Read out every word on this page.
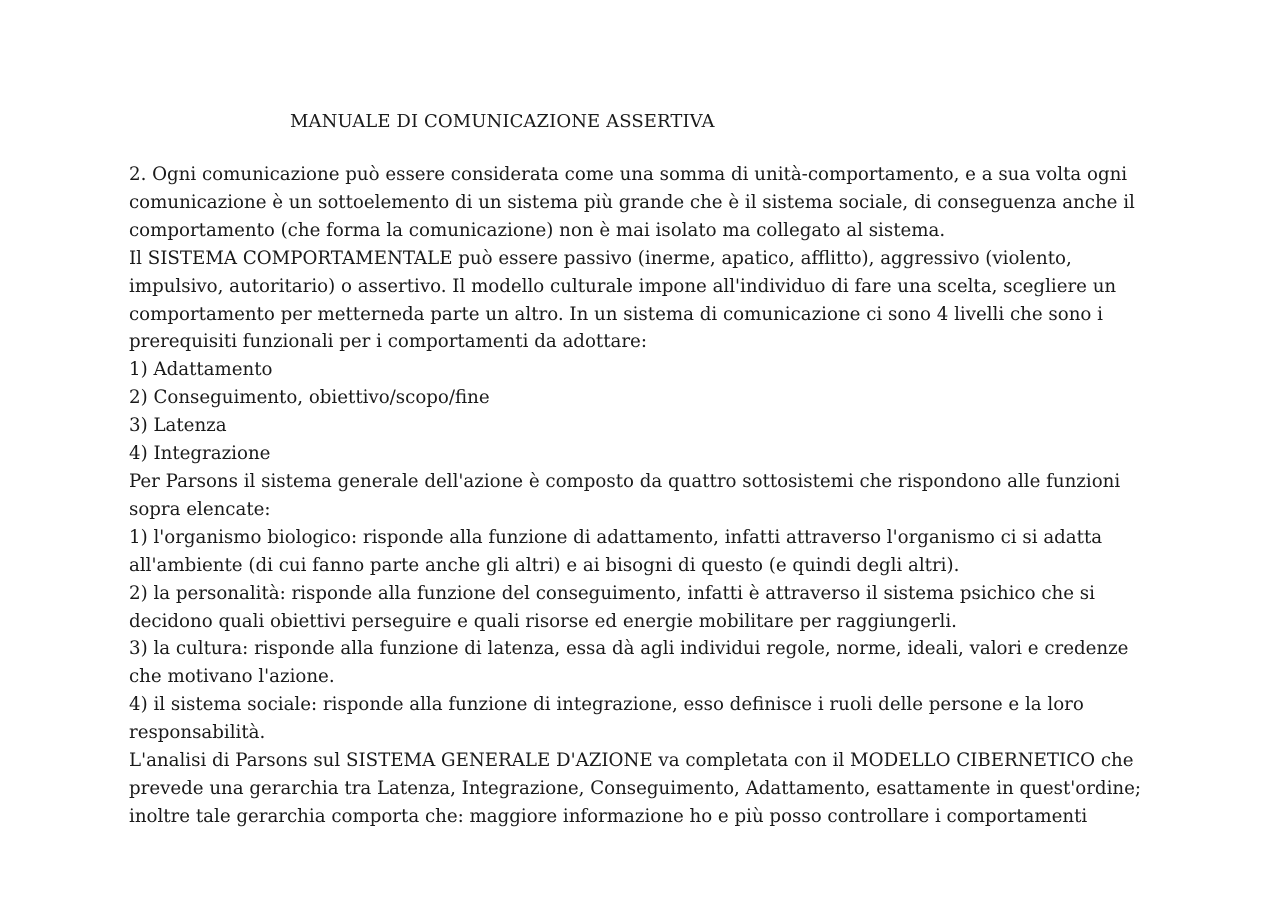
MANUALE DI COMUNICAZIONE ASSERTIVA

2. Ogni comunicazione può essere considerata come una somma di unità-comportamento, e a sua volta ogni comunicazione è un sottoelemento di un sistema più grande che è il sistema sociale, di conseguenza anche il comportamento (che forma la comunicazione) non è mai isolato ma collegato al sistema.

Il SISTEMA COMPORTAMENTALE può essere passivo (inerme, apatico, afflitto), aggressivo (violento, impulsivo, autoritario) o assertivo. Il modello culturale impone all'individuo di fare una scelta, scegliere un comportamento per metterneda parte un altro. In un sistema di comunicazione ci sono 4 livelli che sono i prerequisiti funzionali per i comportamenti da adottare:

1) Adattamento

2) Conseguimento, obiettivo/scopo/fine

3) Latenza

4) Integrazione

Per Parsons il sistema generale dell'azione è composto da quattro sottosistemi che rispondono alle funzioni sopra elencate:

1) l'organismo biologico: risponde alla funzione di adattamento, infatti attraverso l'organismo ci si adatta all'ambiente (di cui fanno parte anche gli altri) e ai bisogni di questo (e quindi degli altri).

2) la personalità: risponde alla funzione del conseguimento, infatti è attraverso il sistema psichico che si decidono quali obiettivi perseguire e quali risorse ed energie mobilitare per raggiungerli.

3) la cultura: risponde alla funzione di latenza, essa dà agli individui regole, norme, ideali, valori e credenze che motivano l'azione.

4) il sistema sociale: risponde alla funzione di integrazione, esso definisce i ruoli delle persone e la loro responsabilità.

L'analisi di Parsons sul SISTEMA GENERALE D'AZIONE va completata con il MODELLO CIBERNETICO che prevede una gerarchia tra Latenza, Integrazione, Conseguimento, Adattamento, esattamente in quest'ordine; inoltre tale gerarchia comporta che: maggiore informazione ho e più posso controllare i comportamenti
